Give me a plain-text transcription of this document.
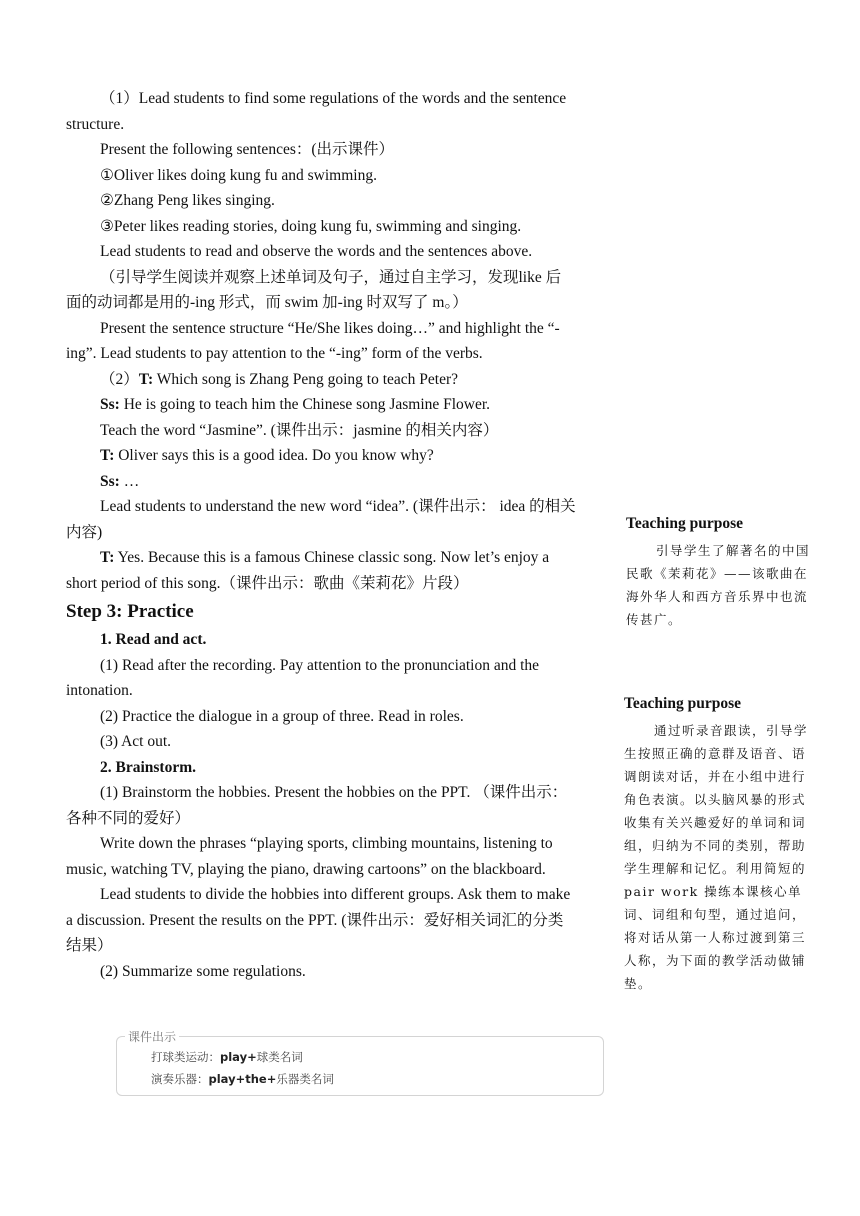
（1）Lead students to find some regulations of the words and the sentence structure.

Present the following sentences：(出示课件）

①Oliver likes doing kung fu and swimming.

②Zhang Peng likes singing.

③Peter likes reading stories, doing kung fu, swimming and singing.

Lead students to read and observe the words and the sentences above.

（引导学生阅读并观察上述单词及句子，通过自主学习，发现like 后面的动词都是用的-ing 形式，而 swim 加-ing 时双写了 m。）

Present the sentence structure “He/She likes doing…” and highlight the “-ing”. Lead students to pay attention to the “-ing” form of the verbs.

（2）T: Which song is Zhang Peng going to teach Peter?

Ss: He is going to teach him the Chinese song Jasmine Flower.

Teach the word “Jasmine”. (课件出示：jasmine 的相关内容）

T: Oliver says this is a good idea. Do you know why?

Ss: …

Lead students to understand the new word “idea”. (课件出示： idea 的相关内容)

T: Yes. Because this is a famous Chinese classic song. Now let’s enjoy a short period of this song.（课件出示：歌曲《茉莉花》片段）

Step 3: Practice

1. Read and act.

(1) Read after the recording. Pay attention to the pronunciation and the intonation.

(2) Practice the dialogue in a group of three. Read in roles.

(3) Act out.

2. Brainstorm.

(1) Brainstorm the hobbies. Present the hobbies on the PPT. （课件出示：各种不同的爱好）

Write down the phrases “playing sports, climbing mountains, listening to music, watching TV, playing the piano, drawing cartoons” on the blackboard.

Lead students to divide the hobbies into different groups. Ask them to make a discussion. Present the results on the PPT. (课件出示：爱好相关词汇的分类结果）

(2) Summarize some regulations.

Teaching purpose

引导学生了解著名的中国民歌《茉莉花》——该歌曲在海外华人和西方音乐界中也流传甚广。

Teaching purpose

通过听录音跟读，引导学生按照正确的意群及语音、语调朗读对话，并在小组中进行角色表演。以头脑风暴的形式收集有关兴趣爱好的单词和词组，归纳为不同的类别，帮助学生理解和记忆。利用简短的 pair work 操练本课核心单词、词组和句型，通过追问，将对话从第一人称过渡到第三人称，为下面的教学活动做铺垫。

课件出示
打球类运动：play+球类名词
演奏乐器：play+the+乐器类名词
